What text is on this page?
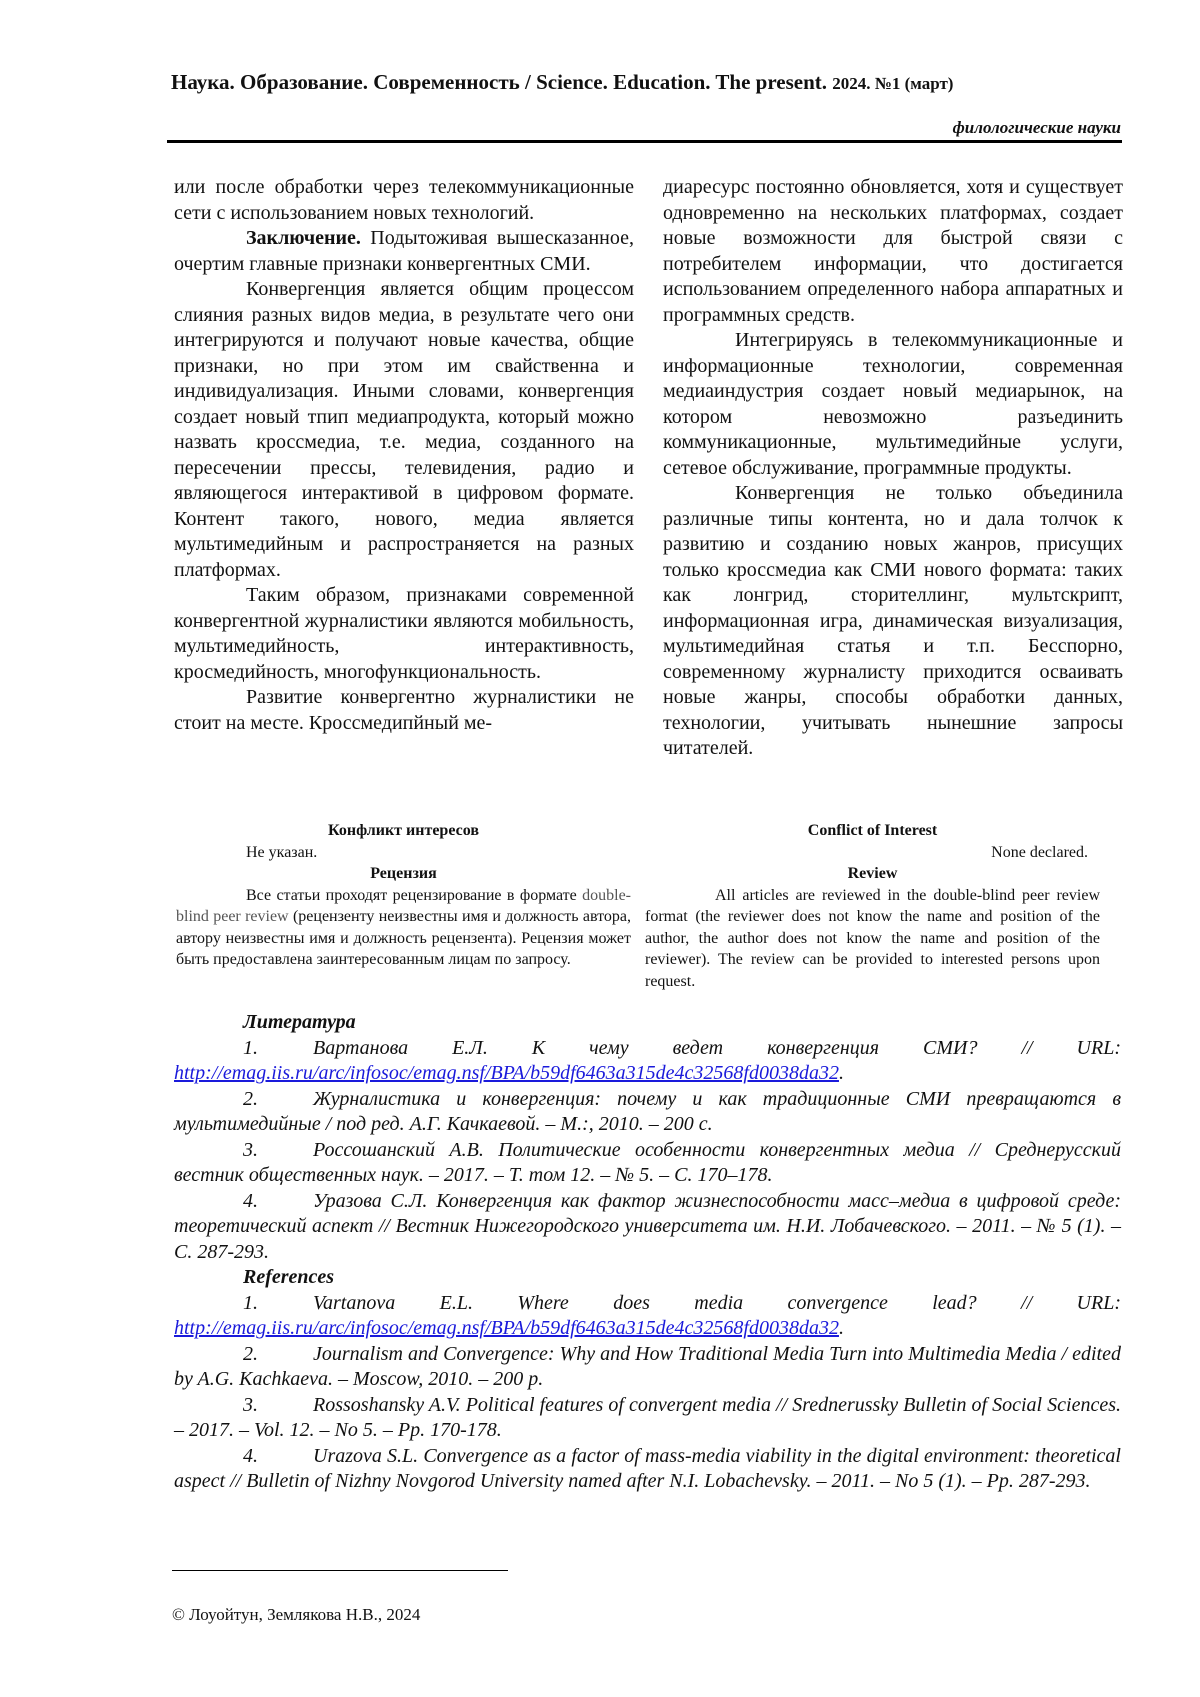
Наука. Образование. Современность / Science. Education. The present. 2024. №1 (март)
филологические науки

или после обработки через телекоммуникационные сети с использованием новых технологий.

Заключение. Подытоживая вышесказанное, очертим главные признаки конвергентных СМИ.

Конвергенция является общим процессом слияния разных видов медиа, в результате чего они интегрируются и получают новые качества, общие признаки, но при этом им свайственна и индивидуализация. Иными словами, конвергенция создает новый тпип медиапродукта, который можно назвать кроссмедиа, т.е. медиа, созданного на пересечении прессы, телевидения, радио и являющегося интерактивой в цифровом формате. Контент такого, нового, медиа является мультимедийным и распространяется на разных платформах.

Таким образом, признаками современной конвергентной журналистики являются мобильность, мультимедийность, интерактивность, кросмедийность, многофункциональность.

Развитие конвергентно журналистики не стоит на месте. Кроссмедипйный ме-

диаресурс постоянно обновляется, хотя и существует одновременно на нескольких платформах, создает новые возможности для быстрой связи с потребителем информации, что достигается использованием определенного набора аппаратных и программных средств.

Интегрируясь в телекоммуникационные и информационные технологии, современная медиаиндустрия создает новый медиарынок, на котором невозможно разъединить коммуникационные, мультимедийные услуги, сетевое обслуживание, программные продукты.

Конвергенция не только объединила различные типы контента, но и дала толчок к развитию и созданию новых жанров, присущих только кроссмедиа как СМИ нового формата: таких как лонгрид, сторителлинг, мультскрипт, информационная игра, динамическая визуализация, мультимедийная статья и т.п. Бесспорно, современному журналисту приходится осваивать новые жанры, способы обработки данных, технологии, учитывать нынешние запросы читателей.

Конфликт интересов

Не указан.

Рецензия

Все статьи проходят рецензирование в формате double-blind peer review (рецензенту неизвестны имя и должность автора, автору неизвестны имя и должность рецензента). Рецензия может быть предоставлена заинтересованным лицам по запросу.

Conflict of Interest

None declared.

Review

All articles are reviewed in the double-blind peer review format (the reviewer does not know the name and position of the author, the author does not know the name and position of the reviewer). The review can be provided to interested persons upon request.

Литература

1.	Вартанова Е.Л. К чему ведет конвергенция СМИ? // URL: http://emag.iis.ru/arc/infosoc/emag.nsf/BPA/b59df6463a315de4c32568fd0038da32.

2.	Журналистика и конвергенция: почему и как традиционные СМИ превращаются в мультимедийные / под ред. А.Г. Качкаевой. – М.:, 2010. – 200 с.

3.	Россошанский А.В. Политические особенности конвергентных медиа // Среднерусский вестник общественных наук. – 2017. – Т. том 12. – № 5. – С. 170–178.

4.	Уразова С.Л. Конвергенция как фактор жизнеспособности масс–медиа в цифровой среде: теоретический аспект // Вестник Нижегородского университета им. Н.И. Лобачевского. – 2011. – № 5 (1). – С. 287-293.

References

1.	Vartanova E.L. Where does media convergence lead? // URL: http://emag.iis.ru/arc/infosoc/emag.nsf/BPA/b59df6463a315de4c32568fd0038da32.

2.	Journalism and Convergence: Why and How Traditional Media Turn into Multimedia Media / edited by A.G. Kachkaeva. – Moscow, 2010. – 200 p.

3.	Rossoshansky A.V. Political features of convergent media // Srednerussky Bulletin of Social Sciences. – 2017. – Vol. 12. – No 5. – Pp. 170-178.

4.	Urazova S.L. Convergence as a factor of mass-media viability in the digital environment: theoretical aspect // Bulletin of Nizhny Novgorod University named after N.I. Lobachevsky. – 2011. – No 5 (1). – Pp. 287-293.

© Лоуойтун, Землякова Н.В., 2024
